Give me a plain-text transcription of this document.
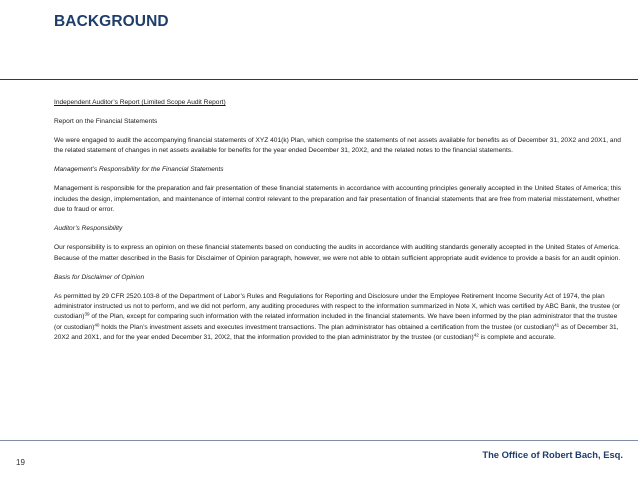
BACKGROUND

Independent Auditor’s Report (Limited Scope Audit Report)

Report on the Financial Statements

We were engaged to audit the accompanying financial statements of XYZ 401(k) Plan, which comprise the statements of net assets available for benefits as of December 31, 20X2 and 20X1, and the related statement of changes in net assets available for benefits for the year ended December 31, 20X2, and the related notes to the financial statements.

Management’s Responsibility for the Financial Statements

Management is responsible for the preparation and fair presentation of these financial statements in accordance with accounting principles generally accepted in the United States of America; this includes the design, implementation, and maintenance of internal control relevant to the preparation and fair presentation of financial statements that are free from material misstatement, whether due to fraud or error.

Auditor’s Responsibility

Our responsibility is to express an opinion on these financial statements based on conducting the audits in accordance with auditing standards generally accepted in the United States of America. Because of the matter described in the Basis for Disclaimer of Opinion paragraph, however, we were not able to obtain sufficient appropriate audit evidence to provide a basis for an audit opinion.

Basis for Disclaimer of Opinion

As permitted by 29 CFR 2520.103-8 of the Department of Labor’s Rules and Regulations for Reporting and Disclosure under the Employee Retirement Income Security Act of 1974, the plan administrator instructed us not to perform, and we did not perform, any auditing procedures with respect to the information summarized in Note X, which was certified by ABC Bank, the trustee (or custodian)$^{39}$ of the Plan, except for comparing such information with the related information included in the financial statements. We have been informed by the plan administrator that the trustee (or custodian)$^{40}$ holds the Plan’s investment assets and executes investment transactions. The plan administrator has obtained a certification from the trustee (or custodian)$^{41}$ as of December 31, 20X2 and 20X1, and for the year ended December 31, 20X2, that the information provided to the plan administrator by the trustee (or custodian)$^{42}$ is complete and accurate.

The Office of Robert Bach, Esq.
19
